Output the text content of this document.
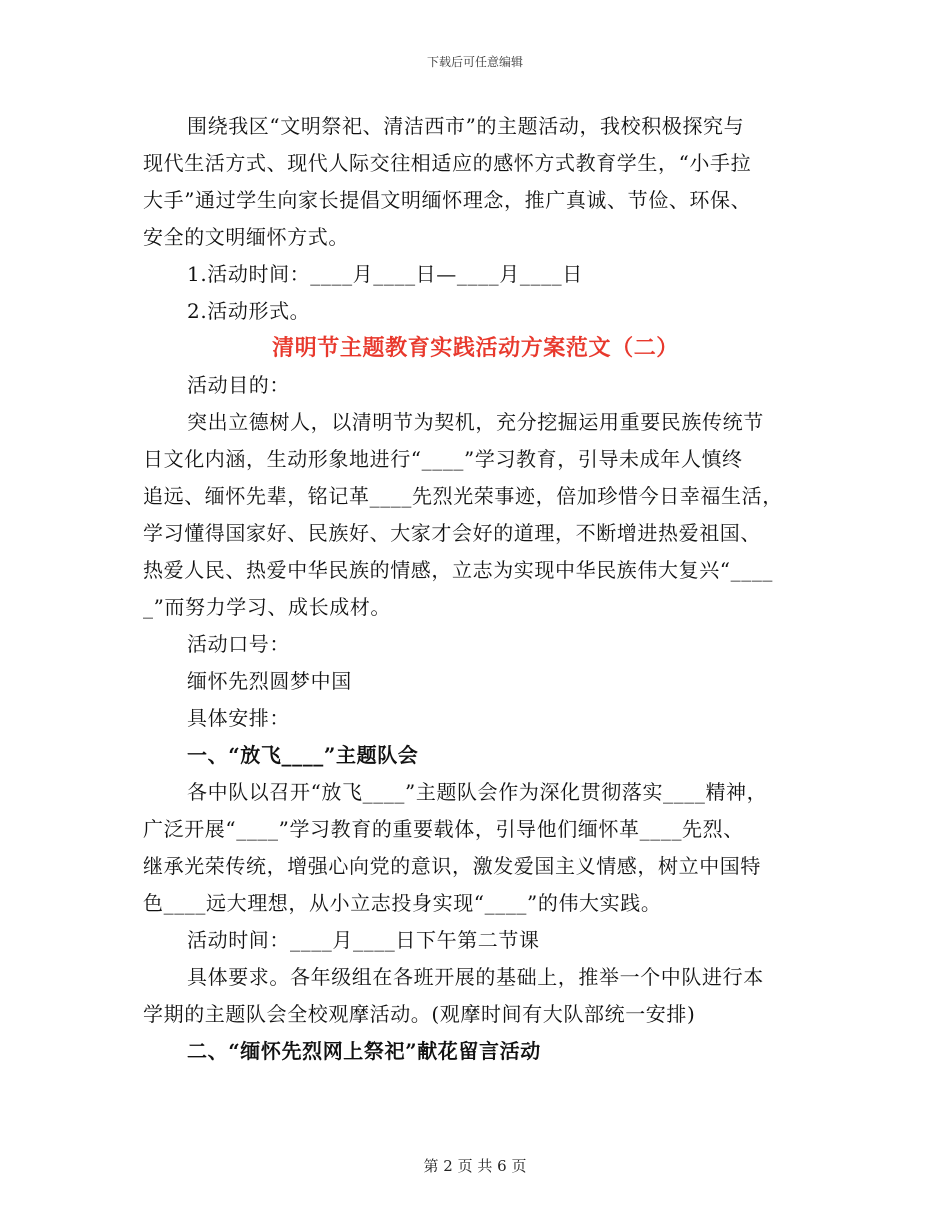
下载后可任意编辑
围绕我区“文明祭祀、清洁西市”的主题活动，我校积极探究与
现代生活方式、现代人际交往相适应的感怀方式教育学生，“小手拉
大手”通过学生向家长提倡文明缅怀理念，推广真诚、节俭、环保、
安全的文明缅怀方式。
1.活动时间：____月____日—____月____日
2.活动形式。
清明节主题教育实践活动方案范文（二）
活动目的：
突出立德树人，以清明节为契机，充分挖掘运用重要民族传统节
日文化内涵，生动形象地进行“____”学习教育，引导未成年人慎终
追远、缅怀先辈，铭记革____先烈光荣事迹，倍加珍惜今日幸福生活，
学习懂得国家好、民族好、大家才会好的道理，不断增进热爱祖国、
热爱人民、热爱中华民族的情感，立志为实现中华民族伟大复兴“____
_”而努力学习、成长成材。
活动口号：
缅怀先烈圆梦中国
具体安排：
一、“放飞____”主题队会
各中队以召开“放飞____”主题队会作为深化贯彻落实____精神，
广泛开展“____”学习教育的重要载体，引导他们缅怀革____先烈、
继承光荣传统，增强心向党的意识，激发爱国主义情感，树立中国特
色____远大理想，从小立志投身实现“____”的伟大实践。
活动时间：____月____日下午第二节课
具体要求。各年级组在各班开展的基础上，推举一个中队进行本
学期的主题队会全校观摩活动。(观摩时间有大队部统一安排)
二、“缅怀先烈网上祭祀”献花留言活动
第 2 页 共 6 页
